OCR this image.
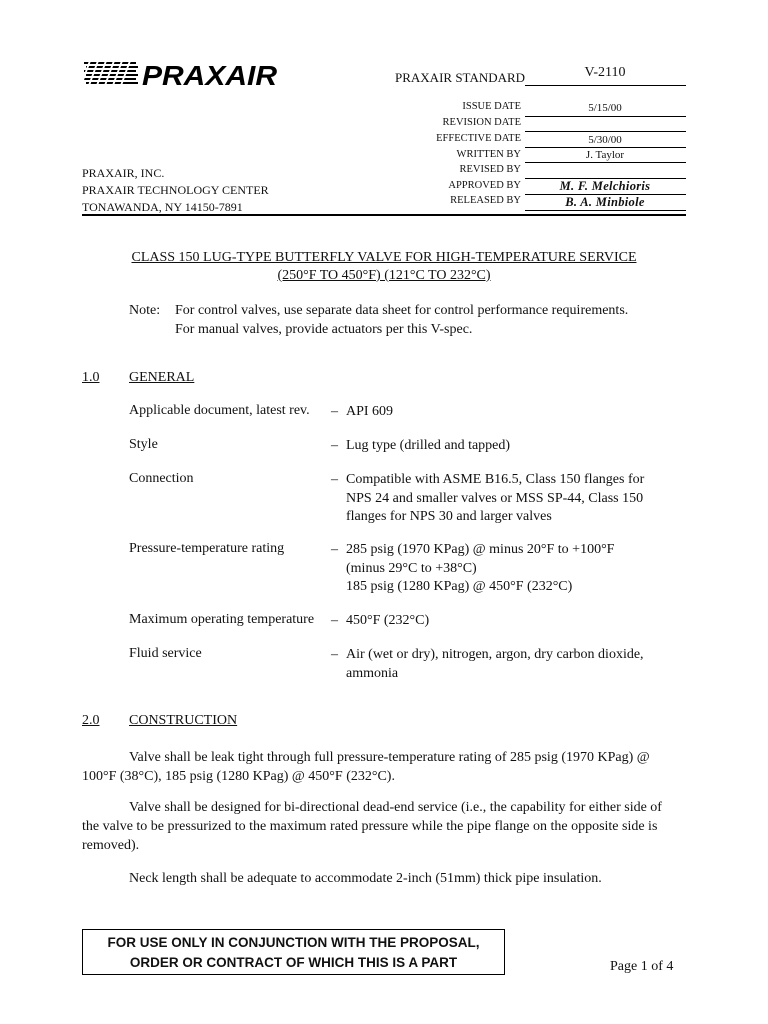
PRAXAIR	PRAXAIR STANDARD	V-2110
ISSUE DATE	5/15/00
REVISION DATE
EFFECTIVE DATE	5/30/00
WRITTEN BY	J. Taylor
REVISED BY
APPROVED BY	M. F. Melchioris
RELEASED BY	B. A. Minbiole
PRAXAIR, INC.
PRAXAIR TECHNOLOGY CENTER
TONAWANDA, NY 14150-7891
CLASS 150 LUG-TYPE BUTTERFLY VALVE FOR HIGH-TEMPERATURE SERVICE
(250°F TO 450°F) (121°C TO 232°C)
Note: For control valves, use separate data sheet for control performance requirements.
For manual valves, provide actuators per this V-spec.
1.0 GENERAL
Applicable document, latest rev. – API 609
Style	– Lug type (drilled and tapped)
Connection	– Compatible with ASME B16.5, Class 150 flanges for
NPS 24 and smaller valves or MSS SP-44, Class 150
flanges for NPS 30 and larger valves
Pressure-temperature rating	– 285 psig (1970 KPag) @ minus 20°F to +100°F
(minus 29°C to +38°C)
185 psig (1280 KPag) @ 450°F (232°C)
Maximum operating temperature – 450°F (232°C)
Fluid service	– Air (wet or dry), nitrogen, argon, dry carbon dioxide,
ammonia
2.0 CONSTRUCTION
Valve shall be leak tight through full pressure-temperature rating of 285 psig (1970 KPag) @ 100°F (38°C), 185 psig (1280 KPag) @ 450°F (232°C).
Valve shall be designed for bi-directional dead-end service (i.e., the capability for either side of the valve to be pressurized to the maximum rated pressure while the pipe flange on the opposite side is removed).
Neck length shall be adequate to accommodate 2-inch (51mm) thick pipe insulation.
FOR USE ONLY IN CONJUNCTION WITH THE PROPOSAL,
ORDER OR CONTRACT OF WHICH THIS IS A PART	Page 1 of 4
